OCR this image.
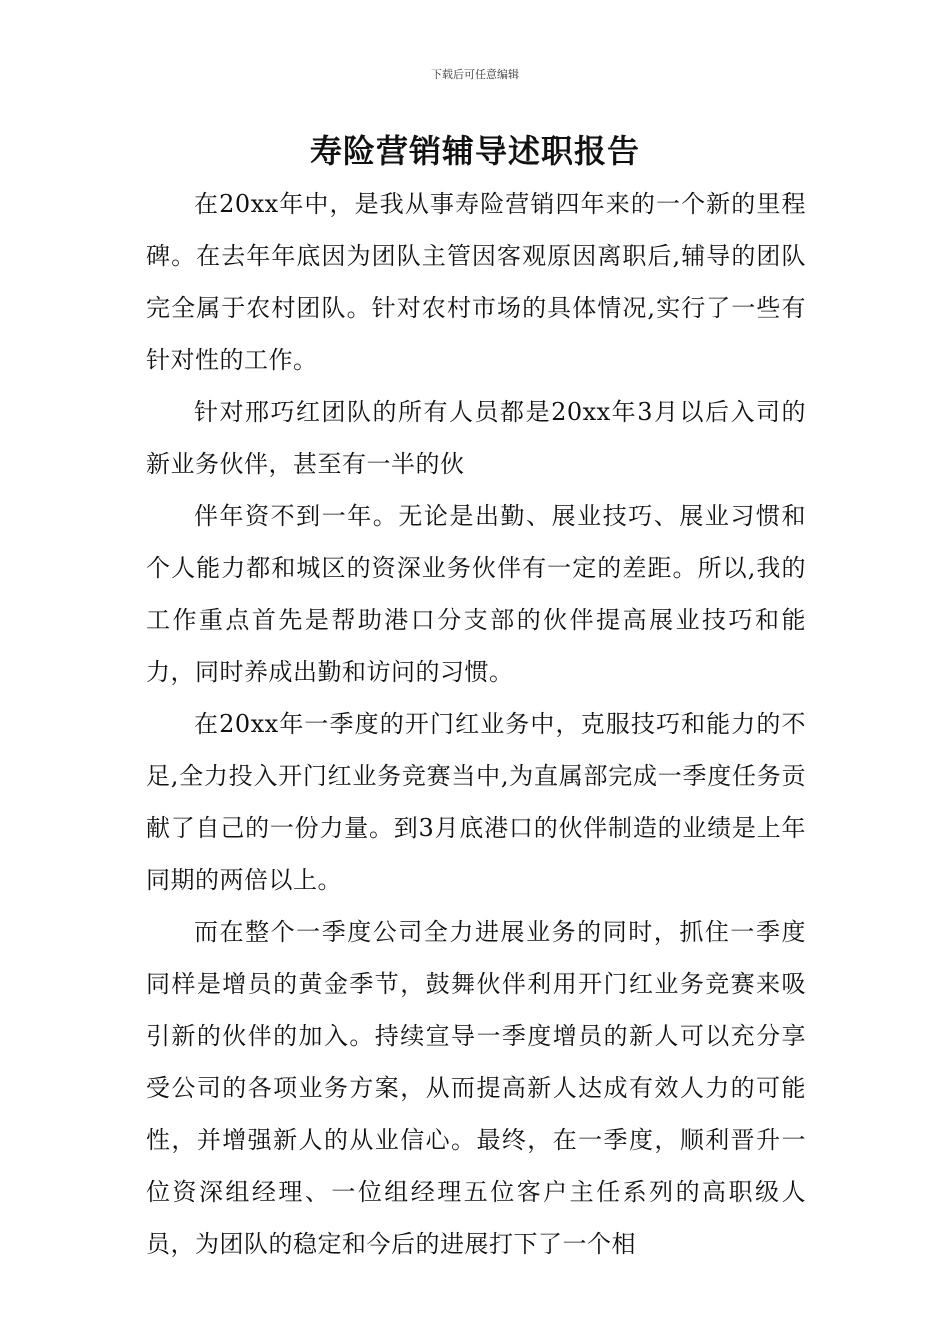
下载后可任意编辑
寿险营销辅导述职报告

在20xx年中，是我从事寿险营销四年来的一个新的里程碑。在去年年底因为团队主管因客观原因离职后,辅导的团队完全属于农村团队。针对农村市场的具体情况,实行了一些有针对性的工作。

针对邢巧红团队的所有人员都是20xx年3月以后入司的新业务伙伴，甚至有一半的伙

伴年资不到一年。无论是出勤、展业技巧、展业习惯和个人能力都和城区的资深业务伙伴有一定的差距。所以,我的工作重点首先是帮助港口分支部的伙伴提高展业技巧和能力，同时养成出勤和访问的习惯。

在20xx年一季度的开门红业务中，克服技巧和能力的不足,全力投入开门红业务竞赛当中,为直属部完成一季度任务贡献了自己的一份力量。到3月底港口的伙伴制造的业绩是上年同期的两倍以上。

而在整个一季度公司全力进展业务的同时，抓住一季度同样是增员的黄金季节，鼓舞伙伴利用开门红业务竞赛来吸引新的伙伴的加入。持续宣导一季度增员的新人可以充分享受公司的各项业务方案，从而提高新人达成有效人力的可能性，并增强新人的从业信心。最终，在一季度，顺利晋升一位资深组经理、一位组经理五位客户主任系列的高职级人员，为团队的稳定和今后的进展打下了一个相
